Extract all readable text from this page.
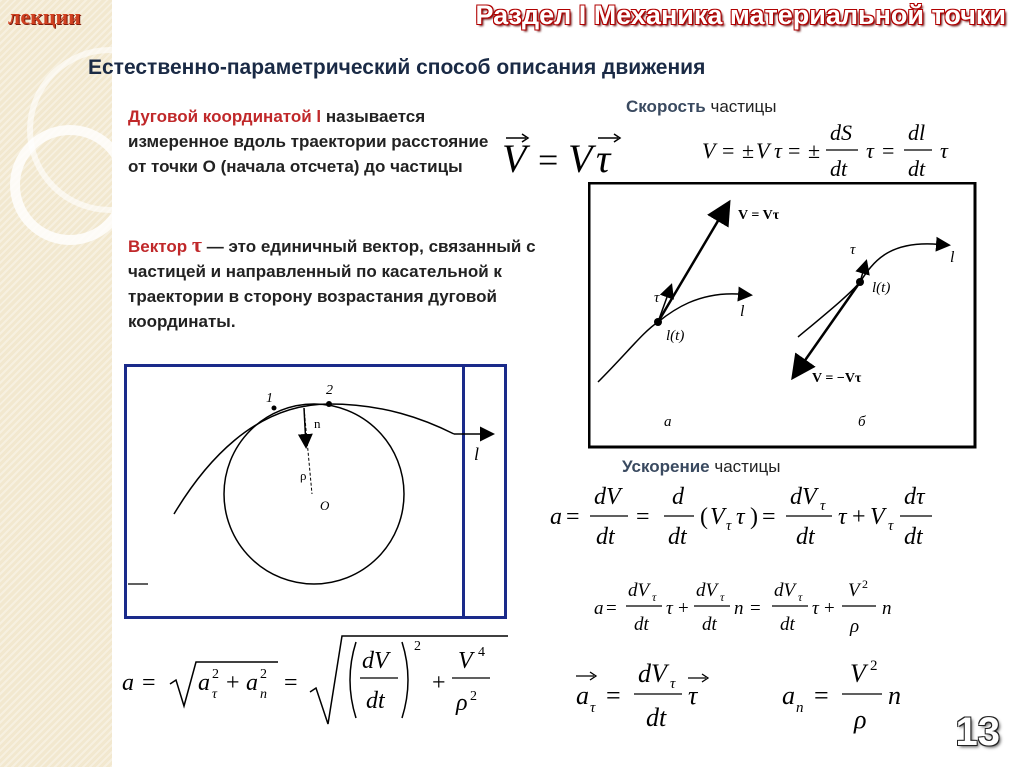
лекции	Раздел I Механика материальной точки
Естественно-параметрический способ описания движения
Дуговой координатой l называется измеренное вдоль траектории расстояние от точки О (начала отсчета) до частицы
Вектор τ — это единичный вектор, связанный с частицей и направленный по касательной к траектории в сторону возрастания дуговой координаты.
V = V τ
Скорость частицы
V = ± V τ = ±
dS
dt
τ =
dl
dt
τ
V = Vτ
τ
l(t)
l
а
V = −Vτ
τ
l(t)
l
б
1
2
n
ρ
O
l
Ускорение частицы
a =
dV
dt
=
d
dt
( V τ τ ) =
dV τ
dt
τ + V τ
dτ
dt
a =
dV τ
dt
τ +
dV τ
dt
n =
dV τ
dt
τ +
V 2
ρ
n
a = a 2
τ + a 2
n =
dV
dt
2
+
V 4
ρ 2	a τ =
dV τ
dt
τ	a n =
V 2
ρ
n
13
